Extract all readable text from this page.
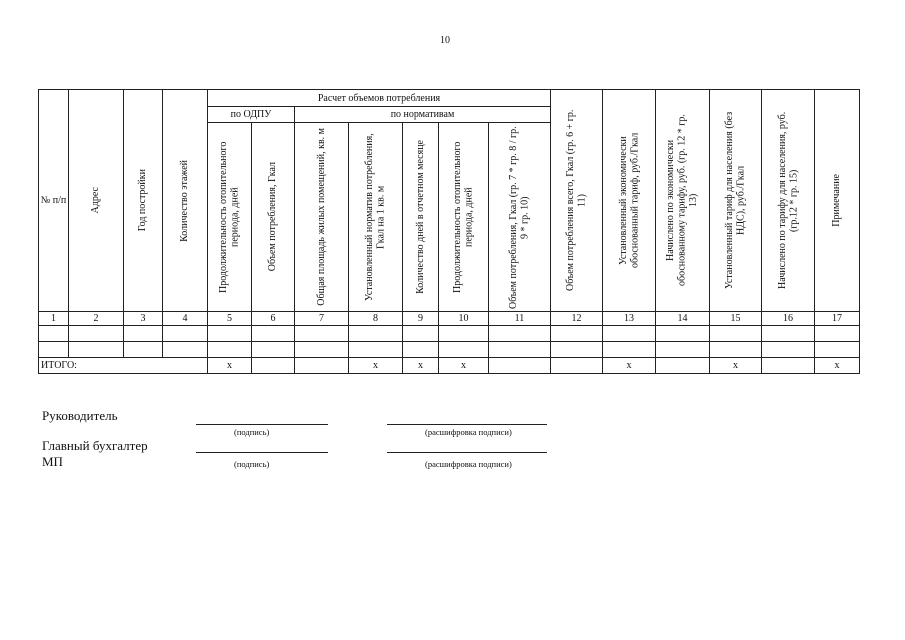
10
№ п/п	Адрес	Год постройки	Количество этажей	Расчет объемов потребления							Объем потребления всего, Гкал (гр. 6 + гр. 11)	Установленный экономически обоснованный тариф, руб./Гкал	Начислено по экономически обоснованному тарифу, руб. (гр. 12 * гр. 13)	Установленный тариф для населения (без НДС), руб./Гкал	Начислено по тарифу для населения, руб. (гр.12 * гр. 15)	Примечание

				по ОДПУ		по нормативам										

				Продолжительность отопительного периода, дней	Объем потребления, Гкал	Общая площадь жилых помещений, кв. м	Установленный норматив потребления, Гкал на 1 кв. м	Количество дней в отчетном месяце	Продолжительность отопительного периода, дней	Объем потребления, Гкал (гр. 7 * гр. 8 / гр. 9 * гр. 10)						

1	2	3	4	5	6	7	8	9	10	11	12	13	14	15	16	17

ИТОГО:				х			х	х	х			х		х		х
Руководитель
(подпись)	(расшифровка подписи)
Главный бухгалтер
(подпись)	(расшифровка подписи)
МП
